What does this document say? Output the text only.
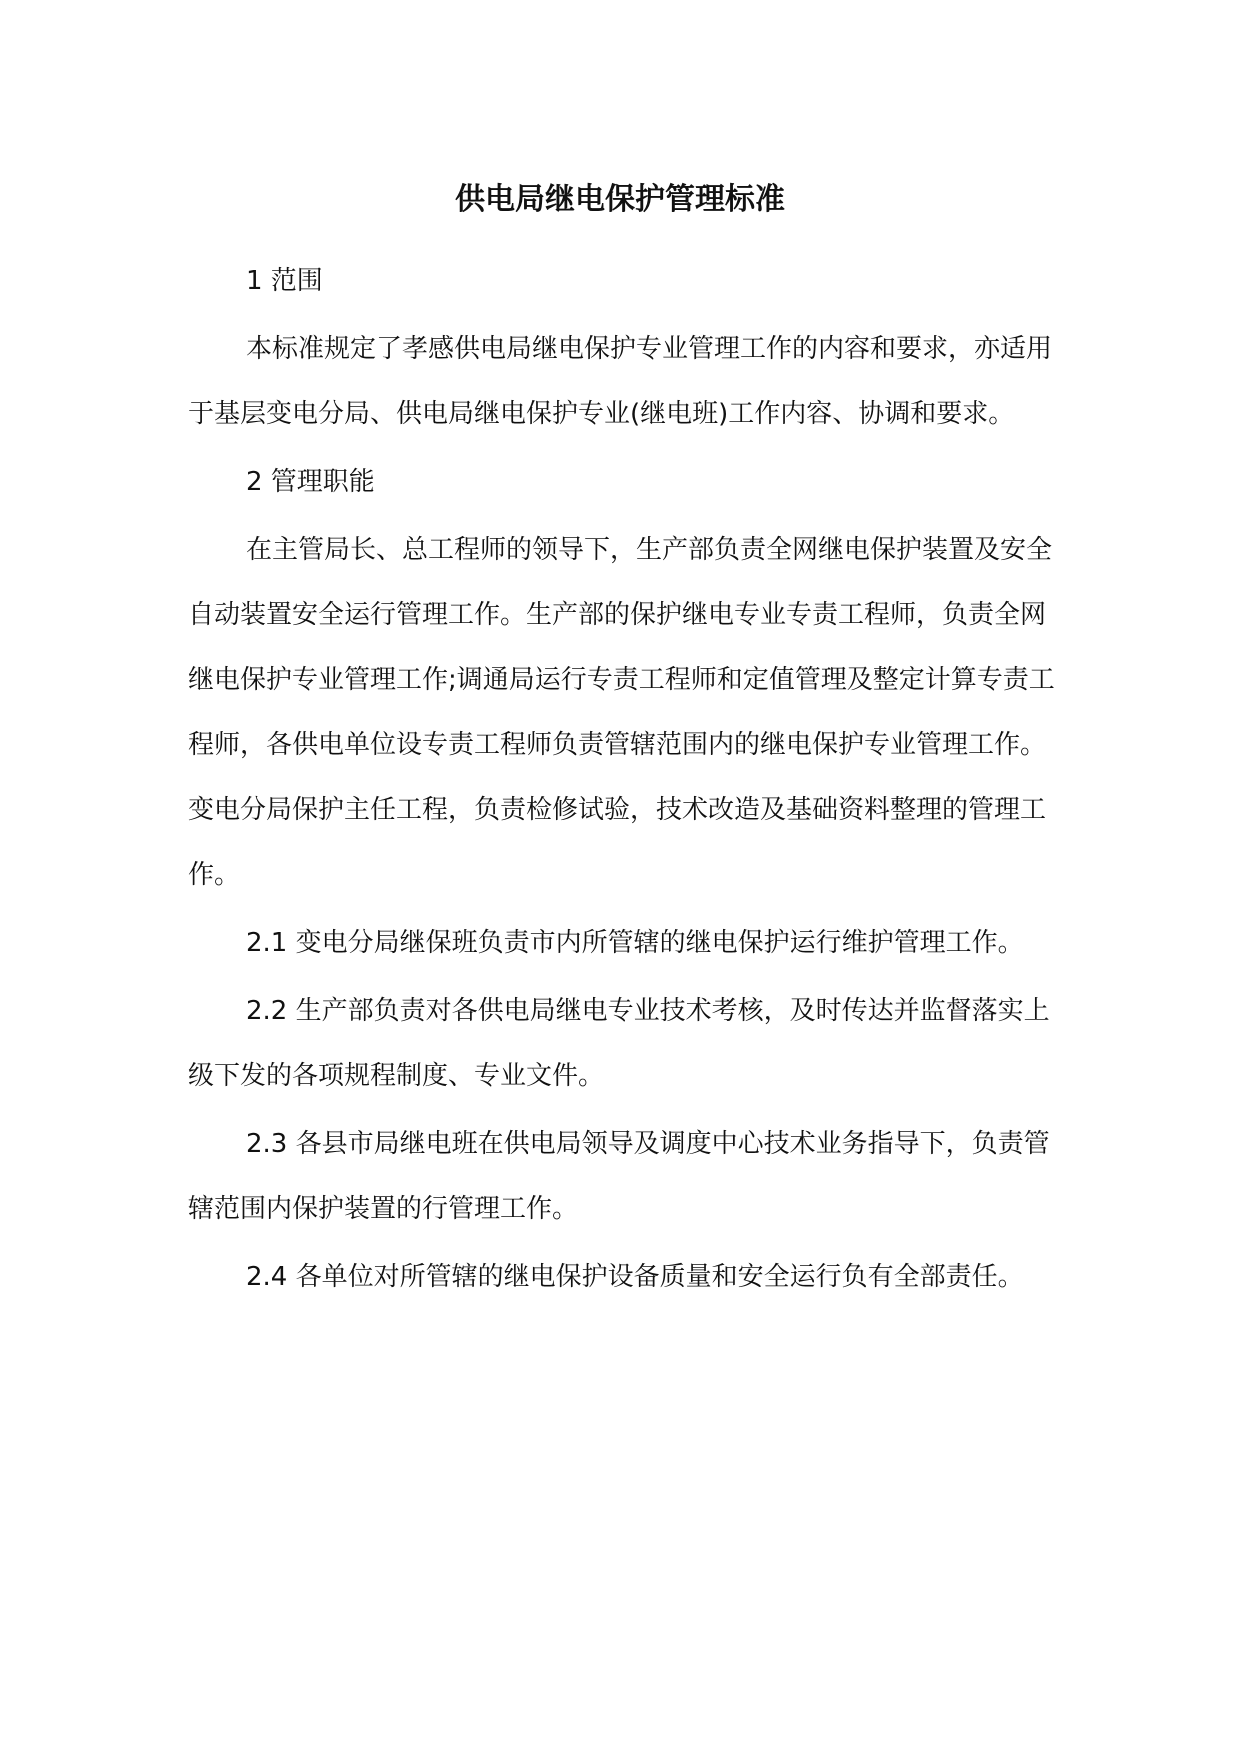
供电局继电保护管理标准

1 范围

本标准规定了孝感供电局继电保护专业管理工作的内容和要求，亦适用于基层变电分局、供电局继电保护专业(继电班)工作内容、协调和要求。

2 管理职能

在主管局长、总工程师的领导下，生产部负责全网继电保护装置及安全自动装置安全运行管理工作。生产部的保护继电专业专责工程师，负责全网继电保护专业管理工作;调通局运行专责工程师和定值管理及整定计算专责工程师，各供电单位设专责工程师负责管辖范围内的继电保护专业管理工作。变电分局保护主任工程，负责检修试验，技术改造及基础资料整理的管理工作。

2.1 变电分局继保班负责市内所管辖的继电保护运行维护管理工作。

2.2 生产部负责对各供电局继电专业技术考核，及时传达并监督落实上级下发的各项规程制度、专业文件。

2.3 各县市局继电班在供电局领导及调度中心技术业务指导下，负责管辖范围内保护装置的行管理工作。

2.4 各单位对所管辖的继电保护设备质量和安全运行负有全部责任。
